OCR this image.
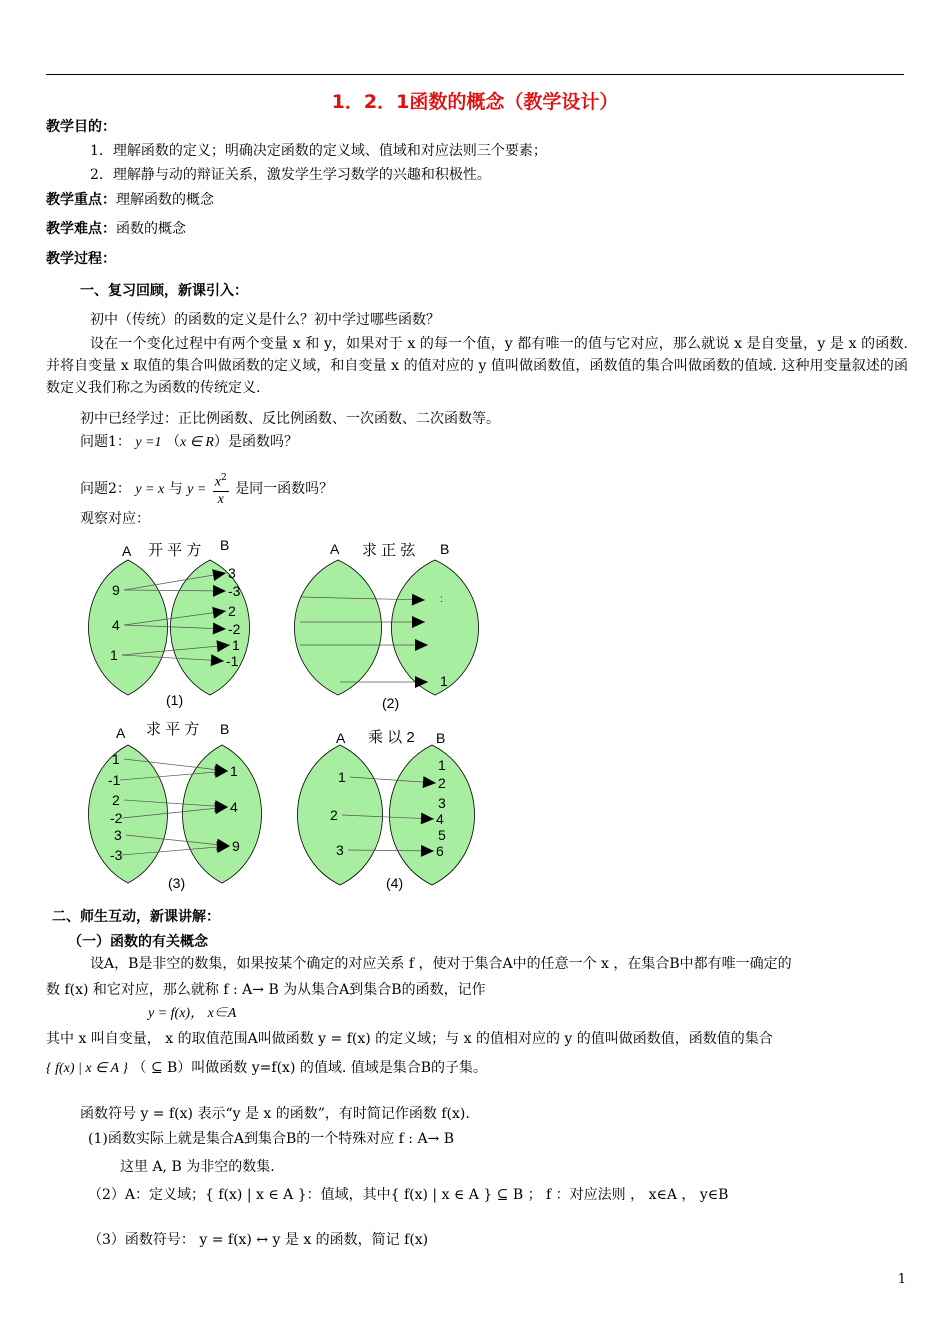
1．2．1函数的概念（教学设计）
教学目的：
1．理解函数的定义；明确决定函数的定义域、值域和对应法则三个要素；
2．理解静与动的辩证关系，激发学生学习数学的兴趣和积极性。
教学重点：理解函数的概念
教学难点：函数的概念
教学过程：
一、复习回顾，新课引入：
初中（传统）的函数的定义是什么？初中学过哪些函数？
设在一个变化过程中有两个变量 x 和 y，如果对于 x 的每一个值，y 都有唯一的值与它对应，那么就说 x 是自变量，y 是 x 的函数. 并将自变量 x 取值的集合叫做函数的定义域，和自变量 x 的值对应的 y 值叫做函数值，函数值的集合叫做函数的值域. 这种用变量叙述的函数定义我们称之为函数的传统定义.
初中已经学过：正比例函数、反比例函数、一次函数、二次函数等。
问题1： y =1 （x ∈ R）是函数吗？
问题2： y = x 与 $y = \frac{x^2}{x}$ 是同一函数吗？
观察对应：
A	B
开 平 方
(1)
9
4
1
3
-3
2
-2
1
-1
A	B
求 正 弦
(2)
:
1
A	B
求 平 方
(3)
1
-1
2
-2
3
-3
1
4
9
A	B
乘 以 2
(4)
1
2
3
1
2
3
4
5
6
二、师生互动，新课讲解：
（一）函数的有关概念
设A，B是非空的数集，如果按某个确定的对应关系 f ，使对于集合A中的任意一个 x ，在集合B中都有唯一确定的
数 f(x) 和它对应，那么就称 f : A→ B 为从集合A到集合B的函数，记作
y = f(x)， x∈A
其中 x 叫自变量， x 的取值范围A叫做函数 y = f(x) 的定义域；与 x 的值相对应的 y 的值叫做函数值，函数值的集合
{ f(x) | x ∈ A } （ ⊆ B）叫做函数 y=f(x) 的值域. 值域是集合B的子集。
函数符号 y = f(x) 表示“y 是 x 的函数”，有时简记作函数 f(x).
(1)函数实际上就是集合A到集合B的一个特殊对应 f : A→ B
这里 A, B 为非空的数集.
（2）A：定义域；{ f(x) | x ∈ A }：值域，其中{ f(x) | x ∈ A } ⊆ B ； f ：对应法则 ， x∈A ， y∈B
（3）函数符号： y = f(x) ↔ y 是 x 的函数，简记 f(x)
1
